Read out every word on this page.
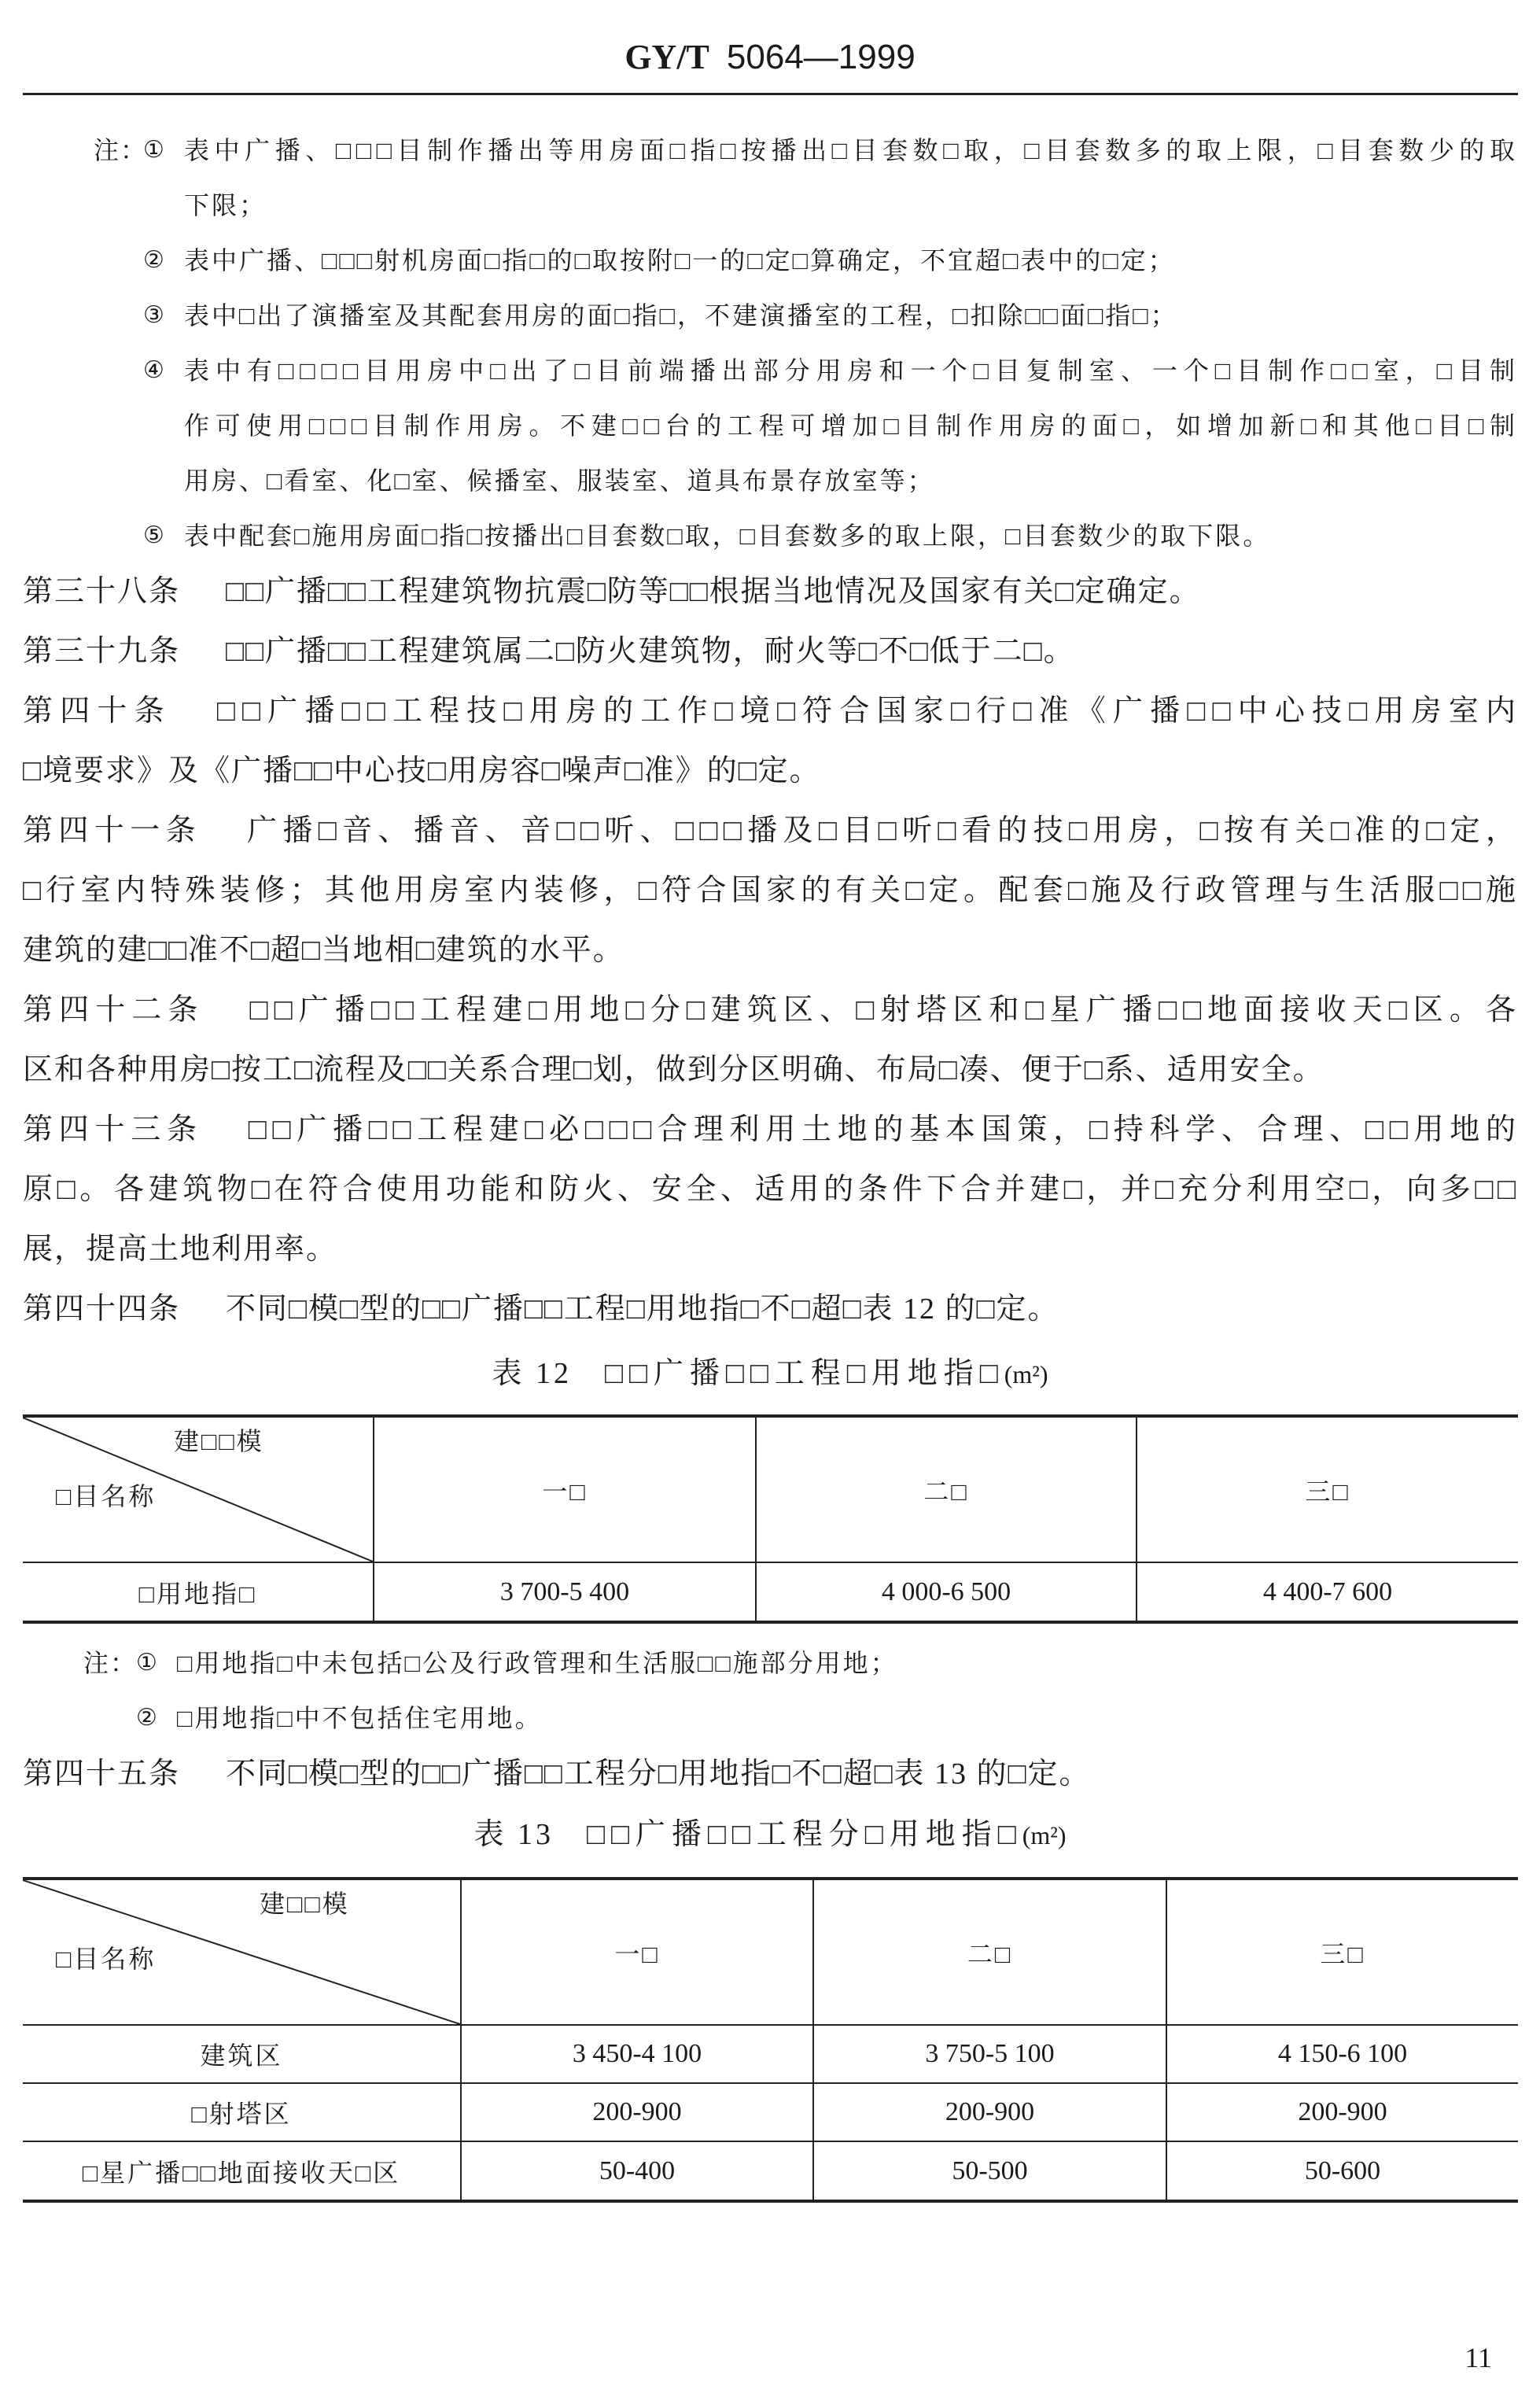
GY/T 5064—1999
注：
① 表中广播、□□□目制作播出等用房面□指□按播出□目套数□取，□目套数多的取上限，□目套数少的取
下限；
② 表中广播、□□□射机房面□指□的□取按附□一的□定□算确定，不宜超□表中的□定；
③ 表中□出了演播室及其配套用房的面□指□，不建演播室的工程，□扣除□□面□指□；
④ 表中有□□□□目用房中□出了□目前端播出部分用房和一个□目复制室、一个□目制作□□室，□目制
作可使用□□□目制作用房。不建□□台的工程可增加□目制作用房的面□，如增加新□和其他□目□制
用房、□看室、化□室、候播室、服装室、道具布景存放室等；
⑤ 表中配套□施用房面□指□按播出□目套数□取，□目套数多的取上限，□目套数少的取下限。
第三十八条 □□广播□□工程建筑物抗震□防等□□根据当地情况及国家有关□定确定。
第三十九条 □□广播□□工程建筑属二□防火建筑物，耐火等□不□低于二□。
第四十条 □□广播□□工程技□用房的工作□境□符合国家□行□准《广播□□中心技□用房室内
□境要求》及《广播□□中心技□用房容□噪声□准》的□定。
第四十一条 广播□音、播音、音□□听、□□□播及□目□听□看的技□用房，□按有关□准的□定，
□行室内特殊装修；其他用房室内装修，□符合国家的有关□定。配套□施及行政管理与生活服□□施
建筑的建□□准不□超□当地相□建筑的水平。
第四十二条 □□广播□□工程建□用地□分□建筑区、□射塔区和□星广播□□地面接收天□区。各
区和各种用房□按工□流程及□□关系合理□划，做到分区明确、布局□凑、便于□系、适用安全。
第四十三条 □□广播□□工程建□必□□□合理利用土地的基本国策，□持科学、合理、□□用地的
原□。各建筑物□在符合使用功能和防火、安全、适用的条件下合并建□，并□充分利用空□，向多□□
展，提高土地利用率。
第四十四条 不同□模□型的□□广播□□工程□用地指□不□超□表 12 的□定。
表 12 □□广播□□工程□用地指□(m²)
建□□模
□目名称	一□	二□	三□
□用地指□	3 700-5 400	4 000-6 500	4 400-7 600
注：
① □用地指□中未包括□公及行政管理和生活服□□施部分用地；
② □用地指□中不包括住宅用地。
第四十五条 不同□模□型的□□广播□□工程分□用地指□不□超□表 13 的□定。
表 13 □□广播□□工程分□用地指□(m²)
建□□模
□目名称	一□	二□	三□
建筑区	3 450-4 100	3 750-5 100	4 150-6 100
□射塔区	200-900	200-900	200-900
□星广播□□地面接收天□区	50-400	50-500	50-600
11
